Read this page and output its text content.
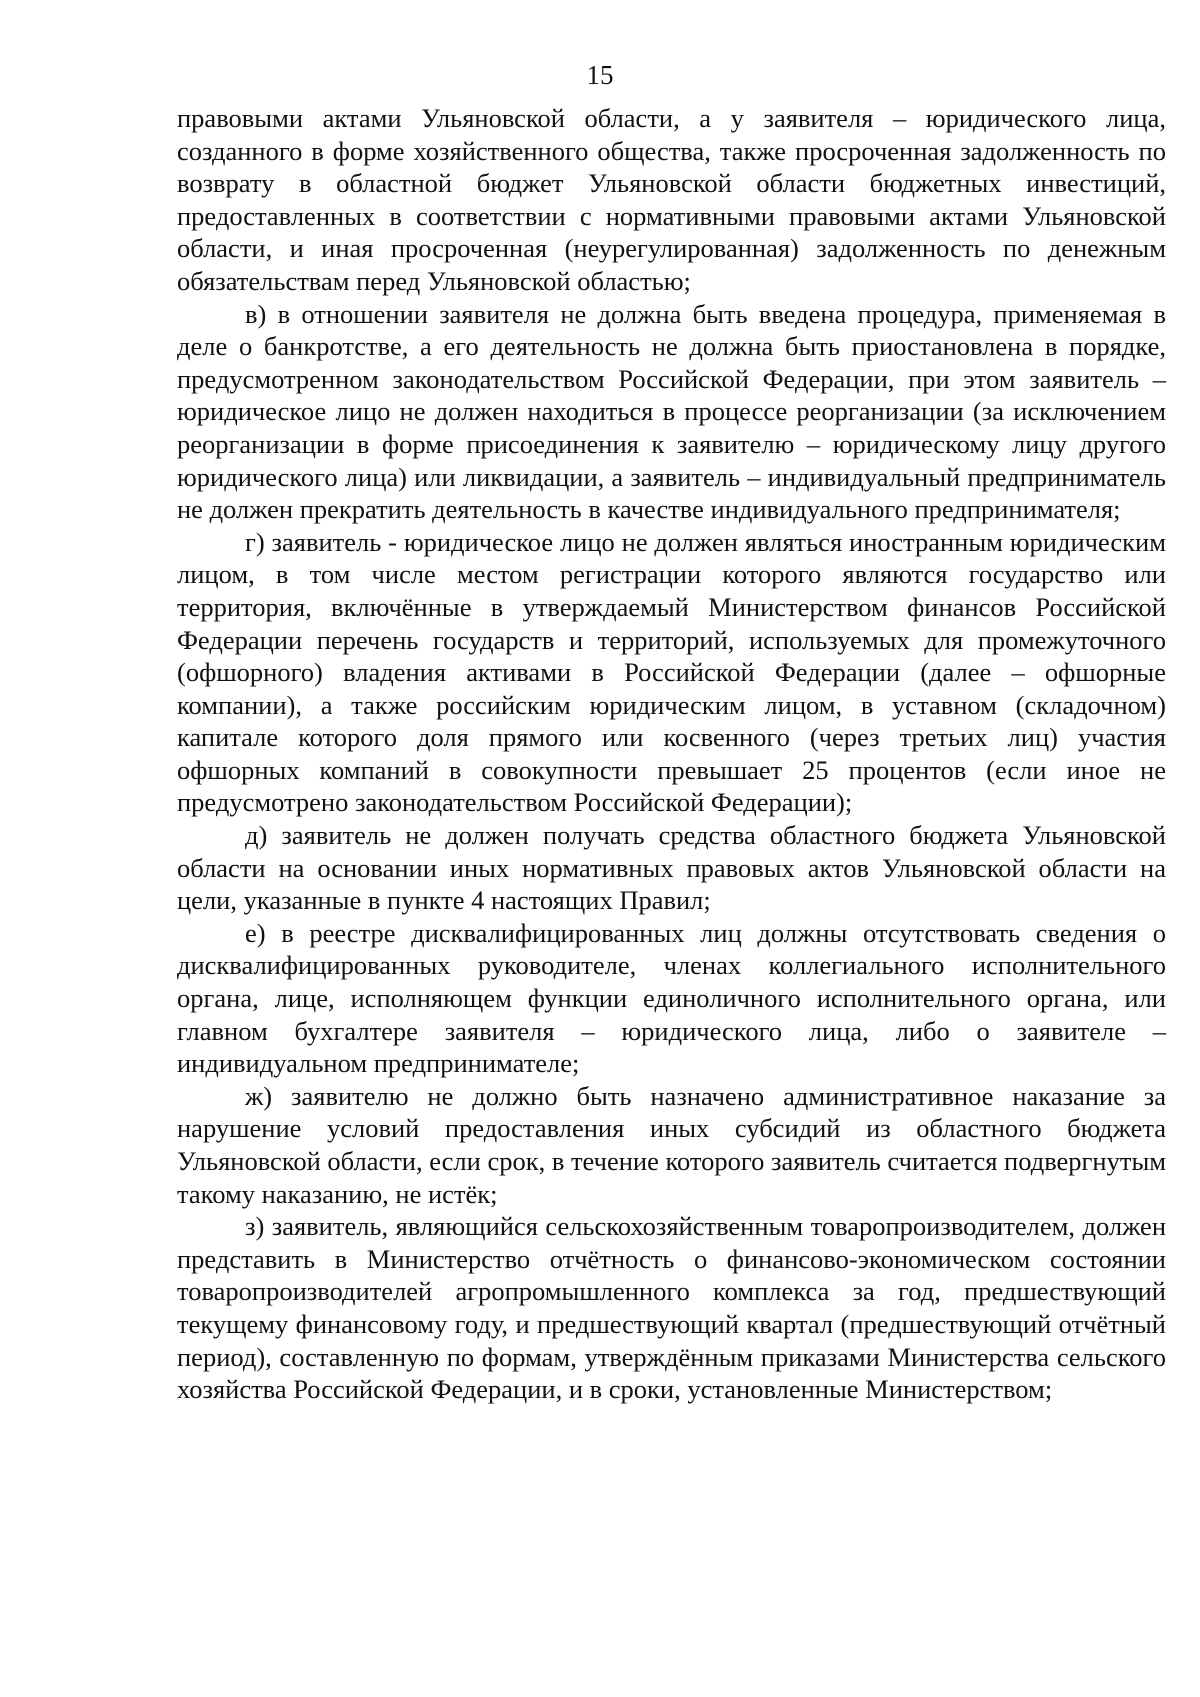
15

правовыми актами Ульяновской области, а у заявителя – юридического лица, созданного в форме хозяйственного общества, также просроченная задолженность по возврату в областной бюджет Ульяновской области бюджетных инвестиций, предоставленных в соответствии с нормативными правовыми актами Ульяновской области, и иная просроченная (неурегулированная) задолженность по денежным обязательствам перед Ульяновской областью;

в) в отношении заявителя не должна быть введена процедура, применяемая в деле о банкротстве, а его деятельность не должна быть приостановлена в порядке, предусмотренном законодательством Российской Федерации, при этом заявитель – юридическое лицо не должен находиться в процессе реорганизации (за исключением реорганизации в форме присоединения к заявителю – юридическому лицу другого юридического лица) или ликвидации, а заявитель – индивидуальный предприниматель не должен прекратить деятельность в качестве индивидуального предпринимателя;

г) заявитель - юридическое лицо не должен являться иностранным юридическим лицом, в том числе местом регистрации которого являются государство или территория, включённые в утверждаемый Министерством финансов Российской Федерации перечень государств и территорий, используемых для промежуточного (офшорного) владения активами в Российской Федерации (далее – офшорные компании), а также российским юридическим лицом, в уставном (складочном) капитале которого доля прямого или косвенного (через третьих лиц) участия офшорных компаний в совокупности превышает 25 процентов (если иное не предусмотрено законодательством Российской Федерации);

д) заявитель не должен получать средства областного бюджета Ульяновской области на основании иных нормативных правовых актов Ульяновской области на цели, указанные в пункте 4 настоящих Правил;

е) в реестре дисквалифицированных лиц должны отсутствовать сведения о дисквалифицированных руководителе, членах коллегиального исполнительного органа, лице, исполняющем функции единоличного исполнительного органа, или главном бухгалтере заявителя – юридического лица, либо о заявителе – индивидуальном предпринимателе;

ж) заявителю не должно быть назначено административное наказание за нарушение условий предоставления иных субсидий из областного бюджета Ульяновской области, если срок, в течение которого заявитель считается подвергнутым такому наказанию, не истёк;

з) заявитель, являющийся сельскохозяйственным товаропроизводителем, должен представить в Министерство отчётность о финансово-экономическом состоянии товаропроизводителей агропромышленного комплекса за год, предшествующий текущему финансовому году, и предшествующий квартал (предшествующий отчётный период), составленную по формам, утверждённым приказами Министерства сельского хозяйства Российской Федерации, и в сроки, установленные Министерством;
